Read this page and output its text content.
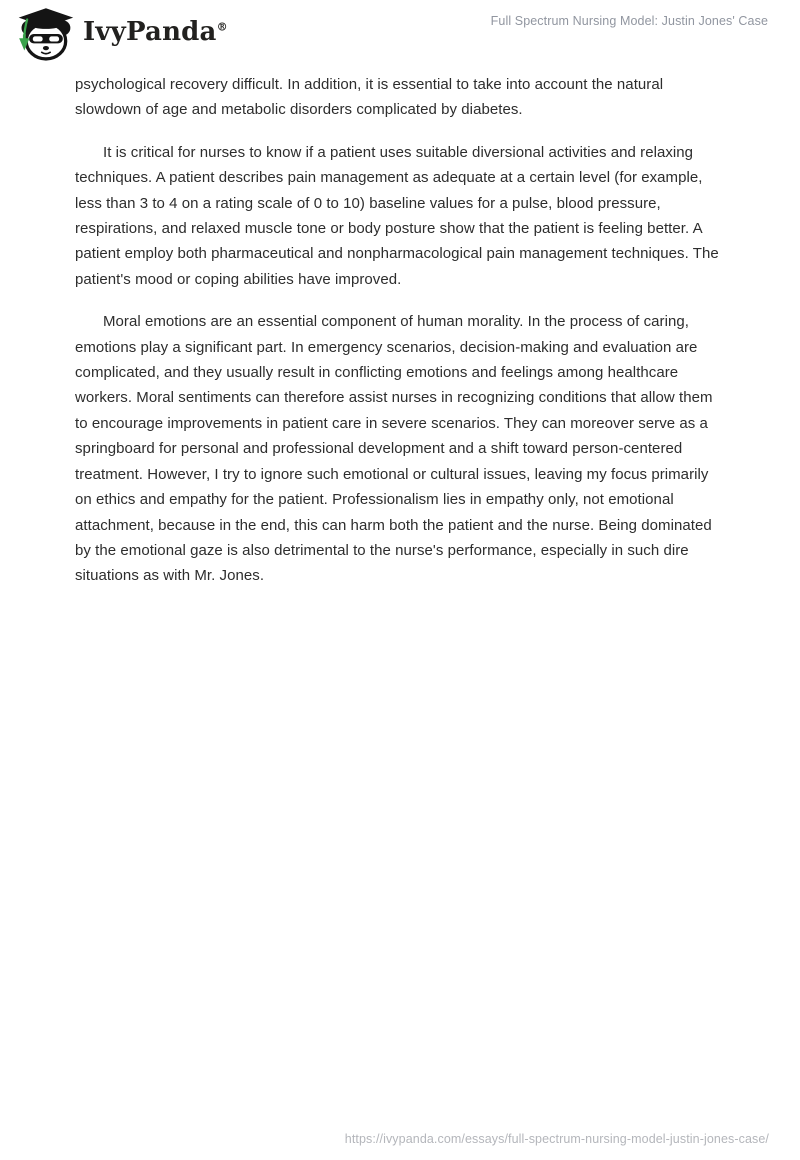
IvyPanda®	Full Spectrum Nursing Model: Justin Jones' Case

psychological recovery difficult. In addition, it is essential to take into account the natural slowdown of age and metabolic disorders complicated by diabetes.

It is critical for nurses to know if a patient uses suitable diversional activities and relaxing techniques. A patient describes pain management as adequate at a certain level (for example, less than 3 to 4 on a rating scale of 0 to 10) baseline values for a pulse, blood pressure, respirations, and relaxed muscle tone or body posture show that the patient is feeling better. A patient employ both pharmaceutical and nonpharmacological pain management techniques. The patient's mood or coping abilities have improved.

Moral emotions are an essential component of human morality. In the process of caring, emotions play a significant part. In emergency scenarios, decision-making and evaluation are complicated, and they usually result in conflicting emotions and feelings among healthcare workers. Moral sentiments can therefore assist nurses in recognizing conditions that allow them to encourage improvements in patient care in severe scenarios. They can moreover serve as a springboard for personal and professional development and a shift toward person-centered treatment. However, I try to ignore such emotional or cultural issues, leaving my focus primarily on ethics and empathy for the patient. Professionalism lies in empathy only, not emotional attachment, because in the end, this can harm both the patient and the nurse. Being dominated by the emotional gaze is also detrimental to the nurse's performance, especially in such dire situations as with Mr. Jones.

https://ivypanda.com/essays/full-spectrum-nursing-model-justin-jones-case/
